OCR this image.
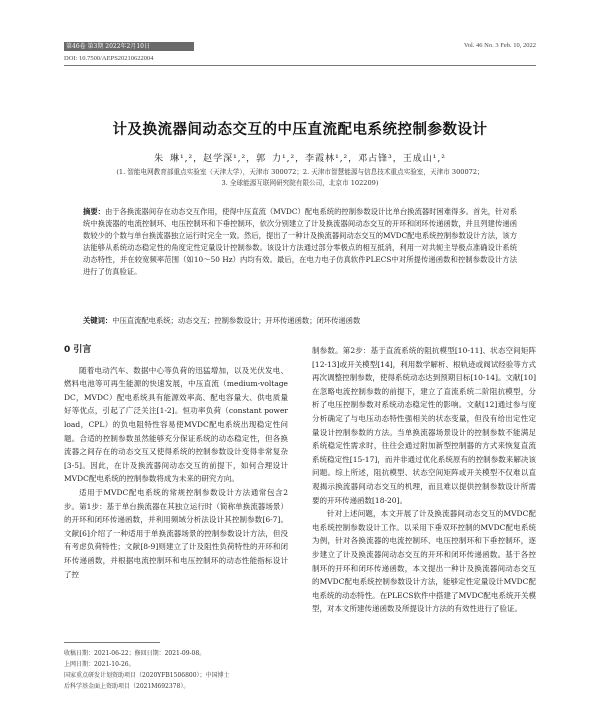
第46卷 第3期 2022年2月10日	Vol. 46 No. 3 Feb. 10, 2022
DOI: 10.7500/AEPS20210622004
计及换流器间动态交互的中压直流配电系统控制参数设计
朱 琳¹,²，赵学深¹,²，郭 力¹,²，李霞林¹,²，邓占锋³，王成山¹,²
(1. 智能电网教育部重点实验室（天津大学），天津市 300072；2. 天津市智慧能源与信息技术重点实验室，天津市 300072；
3. 全球能源互联网研究院有限公司，北京市 102209)
摘要：由于各换流器间存在动态交互作用，使得中压直流（MVDC）配电系统的控制参数设计比单台换流器时困难得多。首先，针对系统中换流器的电流控制环、电压控制环和下垂控制环，依次分别建立了计及换流器间动态交互的开环和闭环传递函数，并且列建传递函数较少的个数与单台换流器独立运行时完全一致。然后，提出了一种计及换流器间动态交互的MVDC配电系统控制参数设计方法，该方法能够从系统动态稳定性的角度定性定量设计控制参数。该设计方法通过部分零极点的相互抵消，利用一对共轭主导极点准确设计系统动态特性，并在较宽频率范围（如10～50 Hz）内均有效。最后，在电力电子仿真软件PLECS中对所提传递函数和控制参数设计方法进行了仿真验证。
关键词：中压直流配电系统；动态交互；控制参数设计；开环传递函数；闭环传递函数
0 引言

随着电动汽车、数据中心等负荷的迅猛增加，以及光伏发电、燃料电池等可再生能源的快速发展，中压直流（medium-voltage DC，MVDC）配电系统具有能源效率高、配电容量大、供电质量好等优点，引起了广泛关注[1-2]。恒功率负荷（constant power load，CPL）的负电阻特性容易使MVDC配电系统出现稳定性问题。合适的控制参数虽然能够充分保证系统的动态稳定性，但各换流器之间存在的动态交互又使得系统的控制参数设计变得非常复杂[3-5]。因此，在计及换流器间动态交互的前提下，如何合理设计MVDC配电系统的控制参数将成为未来的研究方向。

适用于MVDC配电系统的常规控制参数设计方法通常包含2步。第1步：基于单台换流器在其独立运行时（简称单换流器场景）的开环和闭环传递函数，并利用频域分析法设计其控制参数[6-7]。文献[6]介绍了一种适用于单换流器场景的控制参数设计方法，但没有考虑负荷特性；文献[8-9]则建立了计及阻性负荷特性的开环和闭环传递函数，并根据电流控制环和电压控制环的动态性能指标设计了控

制参数。第2步：基于直流系统的阻抗模型[10-11]、状态空间矩阵[12-13]或开关模型[14]，利用数学解析、根轨迹或阀试经验等方式再次调整控制参数，使得系统动态达到预期目标[10-14]。文献[10]在忽略电流控制参数的前提下，建立了直流系统二阶阻抗模型，分析了电压控制参数对系统动态稳定性的影响。文献[12]通过参与度分析确定了与电压动态特性强相关的状态变量，但没有给出定性定量设计控制参数的方法。当单换流器场景设计的控制参数不能满足系统稳定性需求时，往往会通过附加新型控制器的方式来恢复直流系统稳定性[15-17]，而并非通过优化系统原有的控制参数来解决该问题。综上所述，阻抗模型、状态空间矩阵或开关模型不仅难以直观揭示换流器间动态交互的机理，而且难以提供控制参数设计所需要的开环传递函数[18-20]。

针对上述问题，本文开展了计及换流器间动态交互的MVDC配电系统控制参数设计工作。以采用下垂双环控制的MVDC配电系统为例，针对各换流器的电流控制环、电压控制环和下垂控制环，逐步建立了计及换流器间动态交互的开环和闭环传递函数。基于各控制环的开环和闭环传递函数，本文提出一种计及换流器间动态交互的MVDC配电系统控制参数设计方法，能够定性定量设计MVDC配电系统的动态特性。在PLECS软件中搭建了MVDC配电系统开关模型，对本文所建传递函数及所提设计方法的有效性进行了验证。

收稿日期：2021-06-22；修回日期：2021-09-08。
上网日期：2021-10-26。
国家重点研发计划资助项目（2020YFB1506800）；中国博士
后科学基金面上资助项目（2021M692378）。
